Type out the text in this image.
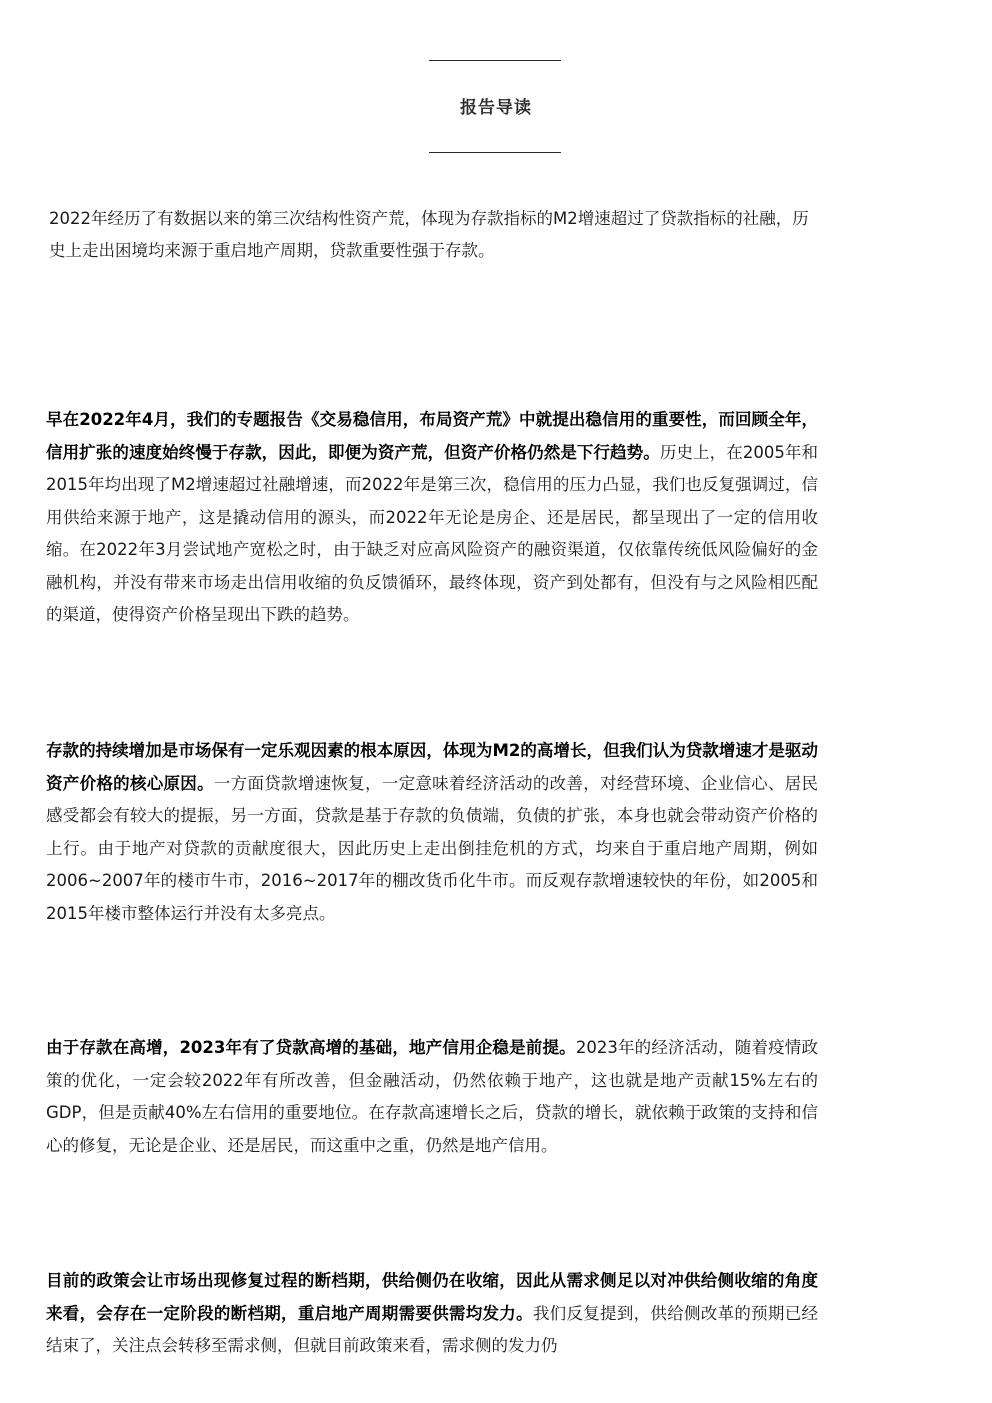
报告导读

2022年经历了有数据以来的第三次结构性资产荒，体现为存款指标的M2增速超过了贷款指标的社融，历史上走出困境均来源于重启地产周期，贷款重要性强于存款。

早在2022年4月，我们的专题报告《交易稳信用，布局资产荒》中就提出稳信用的重要性，而回顾全年，信用扩张的速度始终慢于存款，因此，即便为资产荒，但资产价格仍然是下行趋势。历史上，在2005年和2015年均出现了M2增速超过社融增速，而2022年是第三次，稳信用的压力凸显，我们也反复强调过，信用供给来源于地产，这是撬动信用的源头，而2022年无论是房企、还是居民，都呈现出了一定的信用收缩。在2022年3月尝试地产宽松之时，由于缺乏对应高风险资产的融资渠道，仅依靠传统低风险偏好的金融机构，并没有带来市场走出信用收缩的负反馈循环，最终体现，资产到处都有，但没有与之风险相匹配的渠道，使得资产价格呈现出下跌的趋势。

存款的持续增加是市场保有一定乐观因素的根本原因，体现为M2的高增长，但我们认为贷款增速才是驱动资产价格的核心原因。一方面贷款增速恢复，一定意味着经济活动的改善，对经营环境、企业信心、居民感受都会有较大的提振，另一方面，贷款是基于存款的负债端，负债的扩张，本身也就会带动资产价格的上行。由于地产对贷款的贡献度很大，因此历史上走出倒挂危机的方式，均来自于重启地产周期，例如2006~2007年的楼市牛市，2016~2017年的棚改货币化牛市。而反观存款增速较快的年份，如2005和2015年楼市整体运行并没有太多亮点。

由于存款在高增，2023年有了贷款高增的基础，地产信用企稳是前提。2023年的经济活动，随着疫情政策的优化，一定会较2022年有所改善，但金融活动，仍然依赖于地产，这也就是地产贡献15%左右的GDP，但是贡献40%左右信用的重要地位。在存款高速增长之后，贷款的增长，就依赖于政策的支持和信心的修复，无论是企业、还是居民，而这重中之重，仍然是地产信用。

目前的政策会让市场出现修复过程的断档期，供给侧仍在收缩，因此从需求侧足以对冲供给侧收缩的角度来看，会存在一定阶段的断档期，重启地产周期需要供需均发力。我们反复提到，供给侧改革的预期已经结束了，关注点会转移至需求侧，但就目前政策来看，需求侧的发力仍
